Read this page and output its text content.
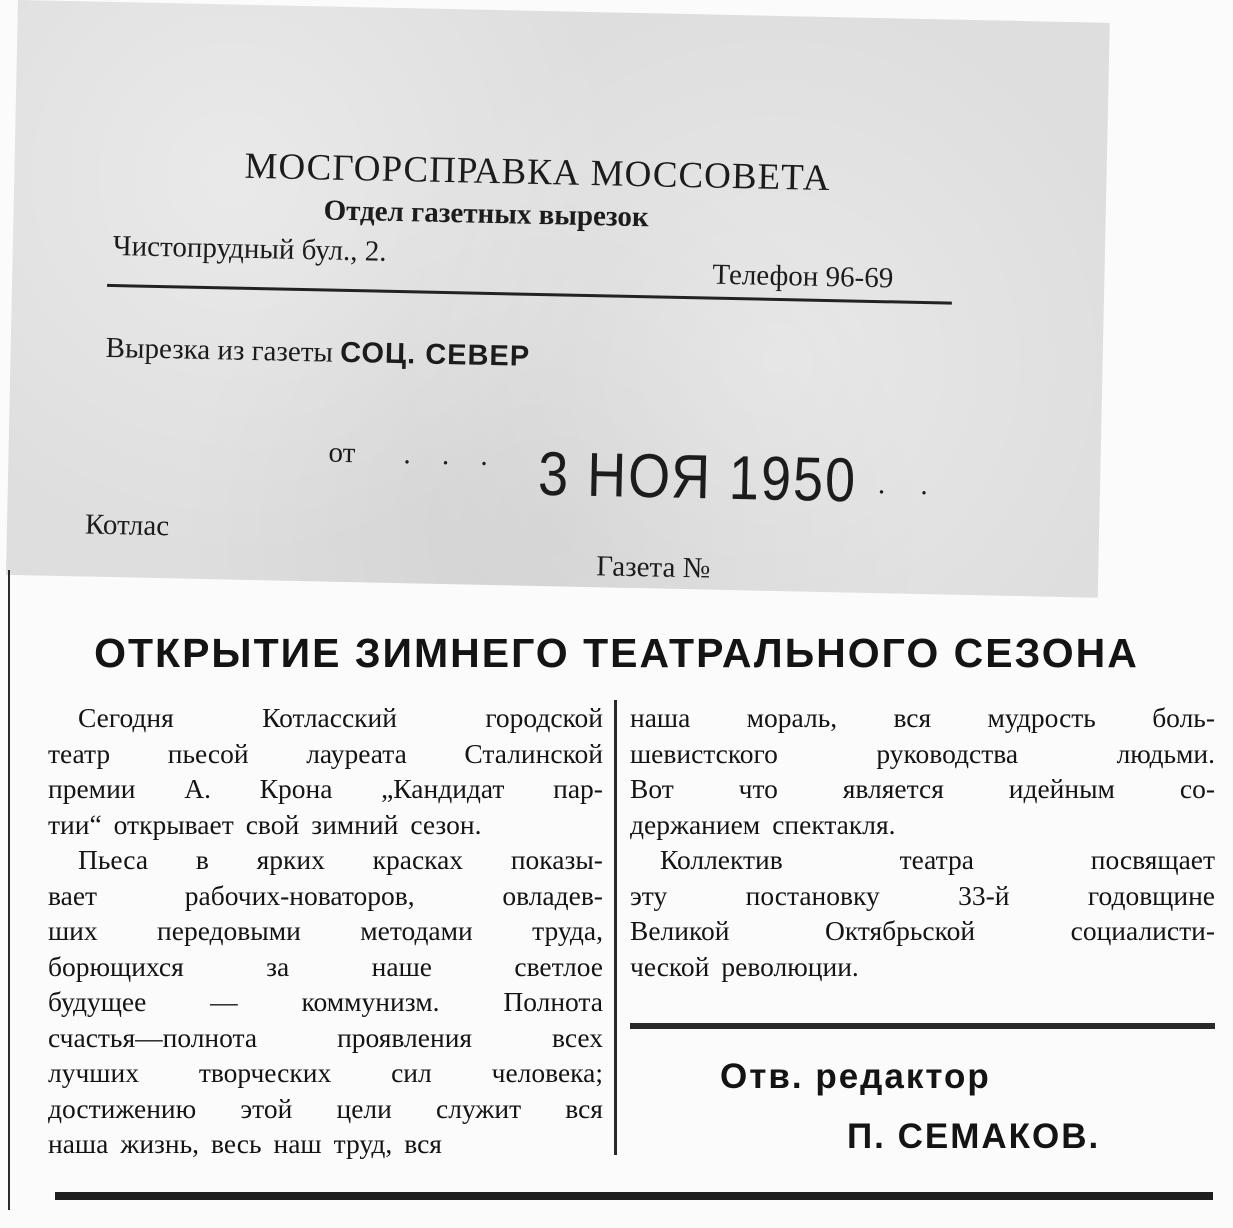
МОСГОРСПРАВКА МОССОВЕТА
Отдел газетных вырезок
Чистопрудный бул., 2.
Телефон 96-69
Вырезка из газеты СОЦ. СЕВЕР
от . . . 3 НОЯ 1950 . .
Котлас
Газета №
ОТКРЫТИЕ ЗИМНЕГО ТЕАТРАЛЬНОГО СЕЗОНА
Сегодня	Котласский	городской
театр пьесой лауреата Сталинской
премии А. Крона „Кандидат пар-
тии“ открывает свой зимний сезон.
Пьеса в ярких красках показы-
вает	рабочих-новаторов,	овладев-
ших передовыми методами труда,
борющихся	за	наше	светлое
будущее — коммунизм. Полнота
счастья—полнота	проявления	всех
лучших творческих сил человека;
достижению этой цели служит вся
наша жизнь, весь наш труд, вся
наша мораль, вся мудрость боль-
шевистского	руководства	людьми.
Вот что является идейным со-
держанием спектакля.
Коллектив	театра	посвящает
эту	постановку	33-й	годовщине
Великой	Октябрьской	социалисти-
ческой революции.
Отв. редактор
П. СЕМАКОВ.
